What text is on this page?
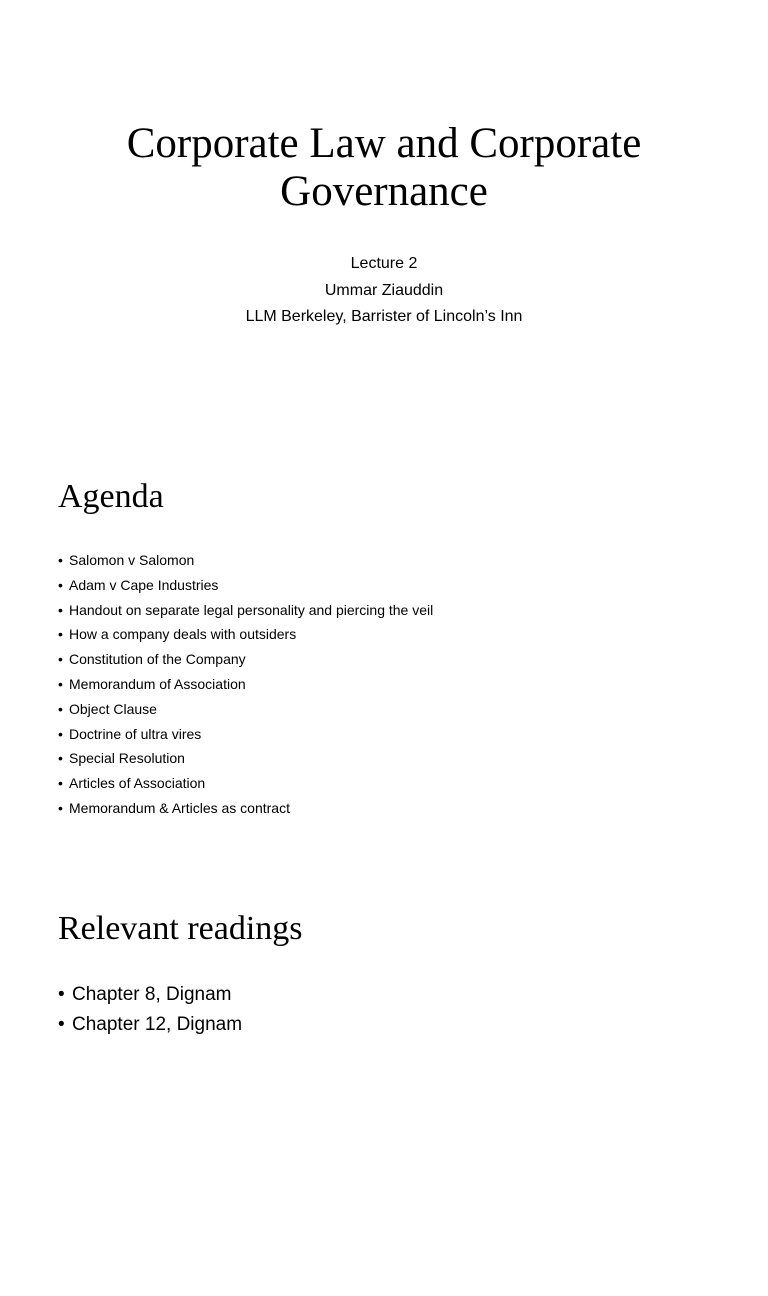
Corporate Law and Corporate
Governance
Lecture 2
Ummar Ziauddin
LLM Berkeley, Barrister of Lincoln’s Inn
Agenda
• Salomon v Salomon
• Adam v Cape Industries
• Handout on separate legal personality and piercing the veil
• How a company deals with outsiders
• Constitution of the Company
• Memorandum of Association
• Object Clause
• Doctrine of ultra vires
• Special Resolution
• Articles of Association
• Memorandum & Articles as contract
Relevant readings
• Chapter 8, Dignam
• Chapter 12, Dignam
